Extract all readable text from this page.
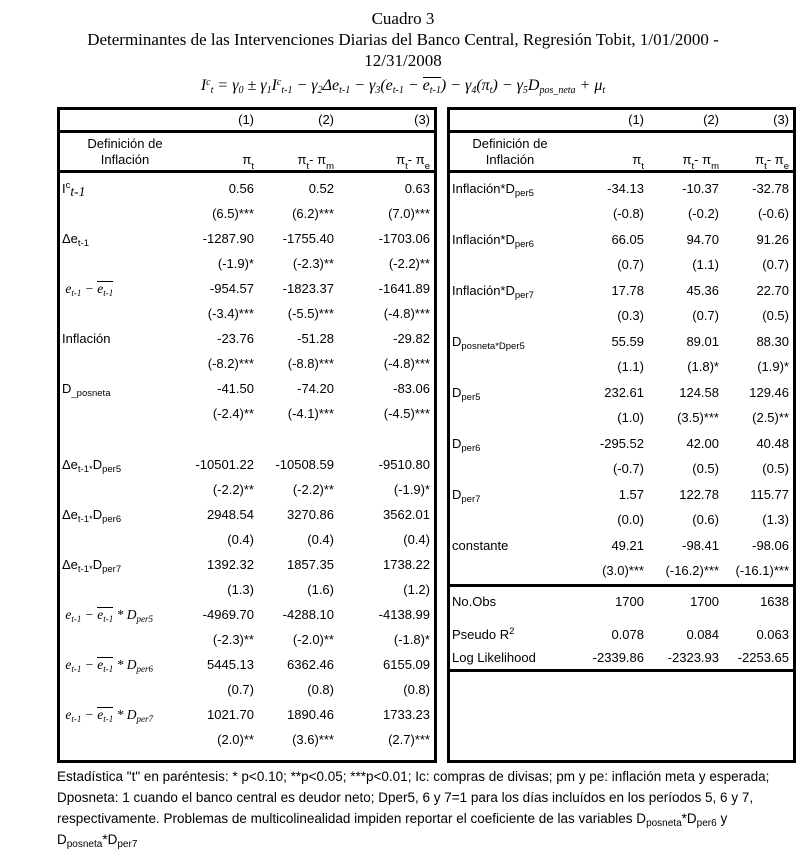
Cuadro 3
Determinantes de las Intervenciones Diarias del Banco Central, Regresión Tobit, 1/01/2000 -
12/31/2008
$I^c_t = \gamma_0 \pm \gamma_1I^c_{t-1} - \gamma_2\Delta e_{t-1} - \gamma_3(e_{t-1} - e_{t-1}) - \gamma_4(\pi_t) - \gamma_5D_{pos\_neta} + \mu_t$
(1)	(2)	(3)
Definición de
Inflación	π t	π t - π m	π t - π e
$I^c_{t-1}$	0.56	0.52	0.63
(6.5)***	(6.2)***	(7.0)***
$\Delta e_{t-1}$	-1287.90	-1755.40	-1703.06
(-1.9)*	(-2.3)**	(-2.2)**
$e_{t-1} - e_{t-1}$	-954.57	-1823.37	-1641.89
(-3.4)***	(-5.5)***	(-4.8)***
Inflación	-23.76	-51.28	-29.82
(-8.2)***	(-8.8)***	(-4.8)***
$D_{\_posneta}$	-41.50	-74.20	-83.06
(-2.4)**	(-4.1)***	(-4.5)***
$\Delta e_{t-1*}D_{per5}$	-10501.22	-10508.59	-9510.80
(-2.2)**	(-2.2)**	(-1.9)*
$\Delta e_{t-1*}D_{per6}$	2948.54	3270.86	3562.01
(0.4)	(0.4)	(0.4)
$\Delta e_{t-1*}D_{per7}$	1392.32	1857.35	1738.22
(1.3)	(1.6)	(1.2)
$e_{t-1} - e_{t-1} * D_{per5}$	-4969.70	-4288.10	-4138.99
(-2.3)**	(-2.0)**	(-1.8)*
$e_{t-1} - e_{t-1} * D_{per6}$	5445.13	6362.46	6155.09
(0.7)	(0.8)	(0.8)
$e_{t-1} - e_{t-1} * D_{per7}$	1021.70	1890.46	1733.23
(2.0)**	(3.6)***	(2.7)***
(1)	(2)	(3)
Definición de
Inflación	π t	π t - π m	π t - π e
$Inflación*D_{per5}$	-34.13	-10.37	-32.78
(-0.8)	(-0.2)	(-0.6)
$Inflación*D_{per6}$	66.05	94.70	91.26
(0.7)	(1.1)	(0.7)
$Inflación*D_{per7}$	17.78	45.36	22.70
(0.3)	(0.7)	(0.5)
$D_{posneta*Dper5}$	55.59	89.01	88.30
(1.1)	(1.8)*	(1.9)*
$D_{per5}$	232.61	124.58	129.46
(1.0)	(3.5)***	(2.5)**
$D_{per6}$	-295.52	42.00	40.48
(-0.7)	(0.5)	(0.5)
$D_{per7}$	1.57	122.78	115.77
(0.0)	(0.6)	(1.3)
constante	49.21	-98.41	-98.06
(3.0)***	(-16.2)***	(-16.1)***
No.Obs	1700	1700	1638
Pseudo $R^2$	0.078	0.084	0.063
Log Likelihood	-2339.86	-2323.93	-2253.65
Estadística "t" en paréntesis: * p<0.10; **p<0.05; ***p<0.01; Ic: compras de divisas; pm y pe: inflación meta y esperada; Dposneta: 1 cuando el banco central es deudor neto; Dper5, 6 y 7=1 para los días incluídos en los períodos 5, 6 y 7, respectivamente. Problemas de multicolinealidad impiden reportar el coeficiente de las variables $D_{posneta}*D_{per6}$ y $D_{posneta}*D_{per7}$
